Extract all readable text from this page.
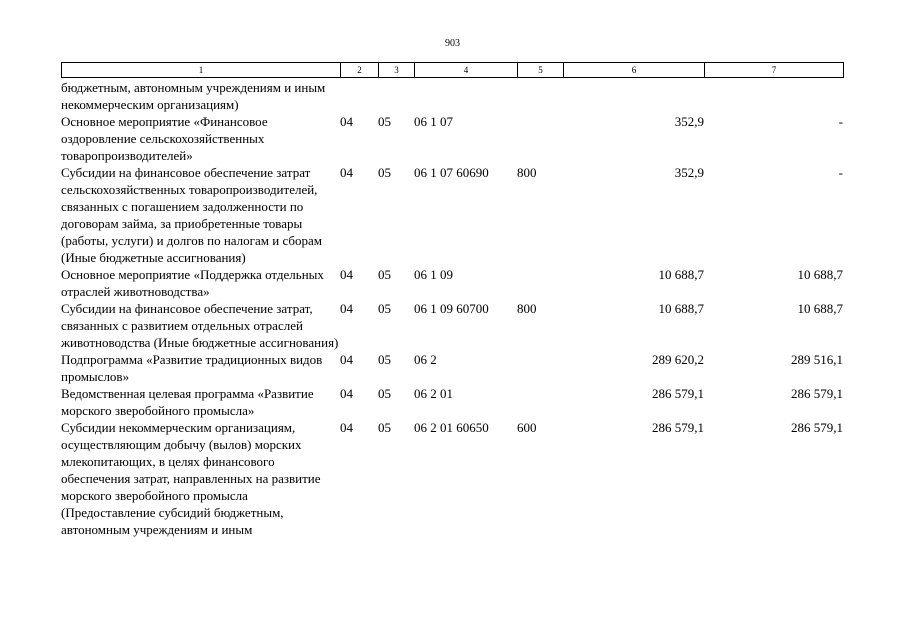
903
1	2	3	4	5	6	7
бюджетным, автономным учреждениям и иным некоммерческим организациям)						
Основное мероприятие «Финансовое оздоровление сельскохозяйственных товаропроизводителей»	04	05	06 1 07		352,9	-
Субсидии на финансовое обеспечение затрат сельскохозяйственных товаропроизводителей, связанных с погашением задолженности по договорам займа, за приобретенные товары (работы, услуги) и долгов по налогам и сборам (Иные бюджетные ассигнования)	04	05	06 1 07 60690	800	352,9	-
Основное мероприятие «Поддержка отдельных отраслей животноводства»	04	05	06 1 09		10 688,7	10 688,7
Субсидии на финансовое обеспечение затрат, связанных с развитием отдельных отраслей животноводства (Иные бюджетные ассигнования)	04	05	06 1 09 60700	800	10 688,7	10 688,7
Подпрограмма «Развитие традиционных видов промыслов»	04	05	06 2		289 620,2	289 516,1
Ведомственная целевая программа «Развитие морского зверобойного промысла»	04	05	06 2 01		286 579,1	286 579,1
Субсидии некоммерческим организациям, осуществляющим добычу (вылов) морских млекопитающих, в целях финансового обеспечения затрат, направленных на развитие морского зверобойного промысла (Предоставление субсидий бюджетным, автономным учреждениям и иным	04	05	06 2 01 60650	600	286 579,1	286 579,1
